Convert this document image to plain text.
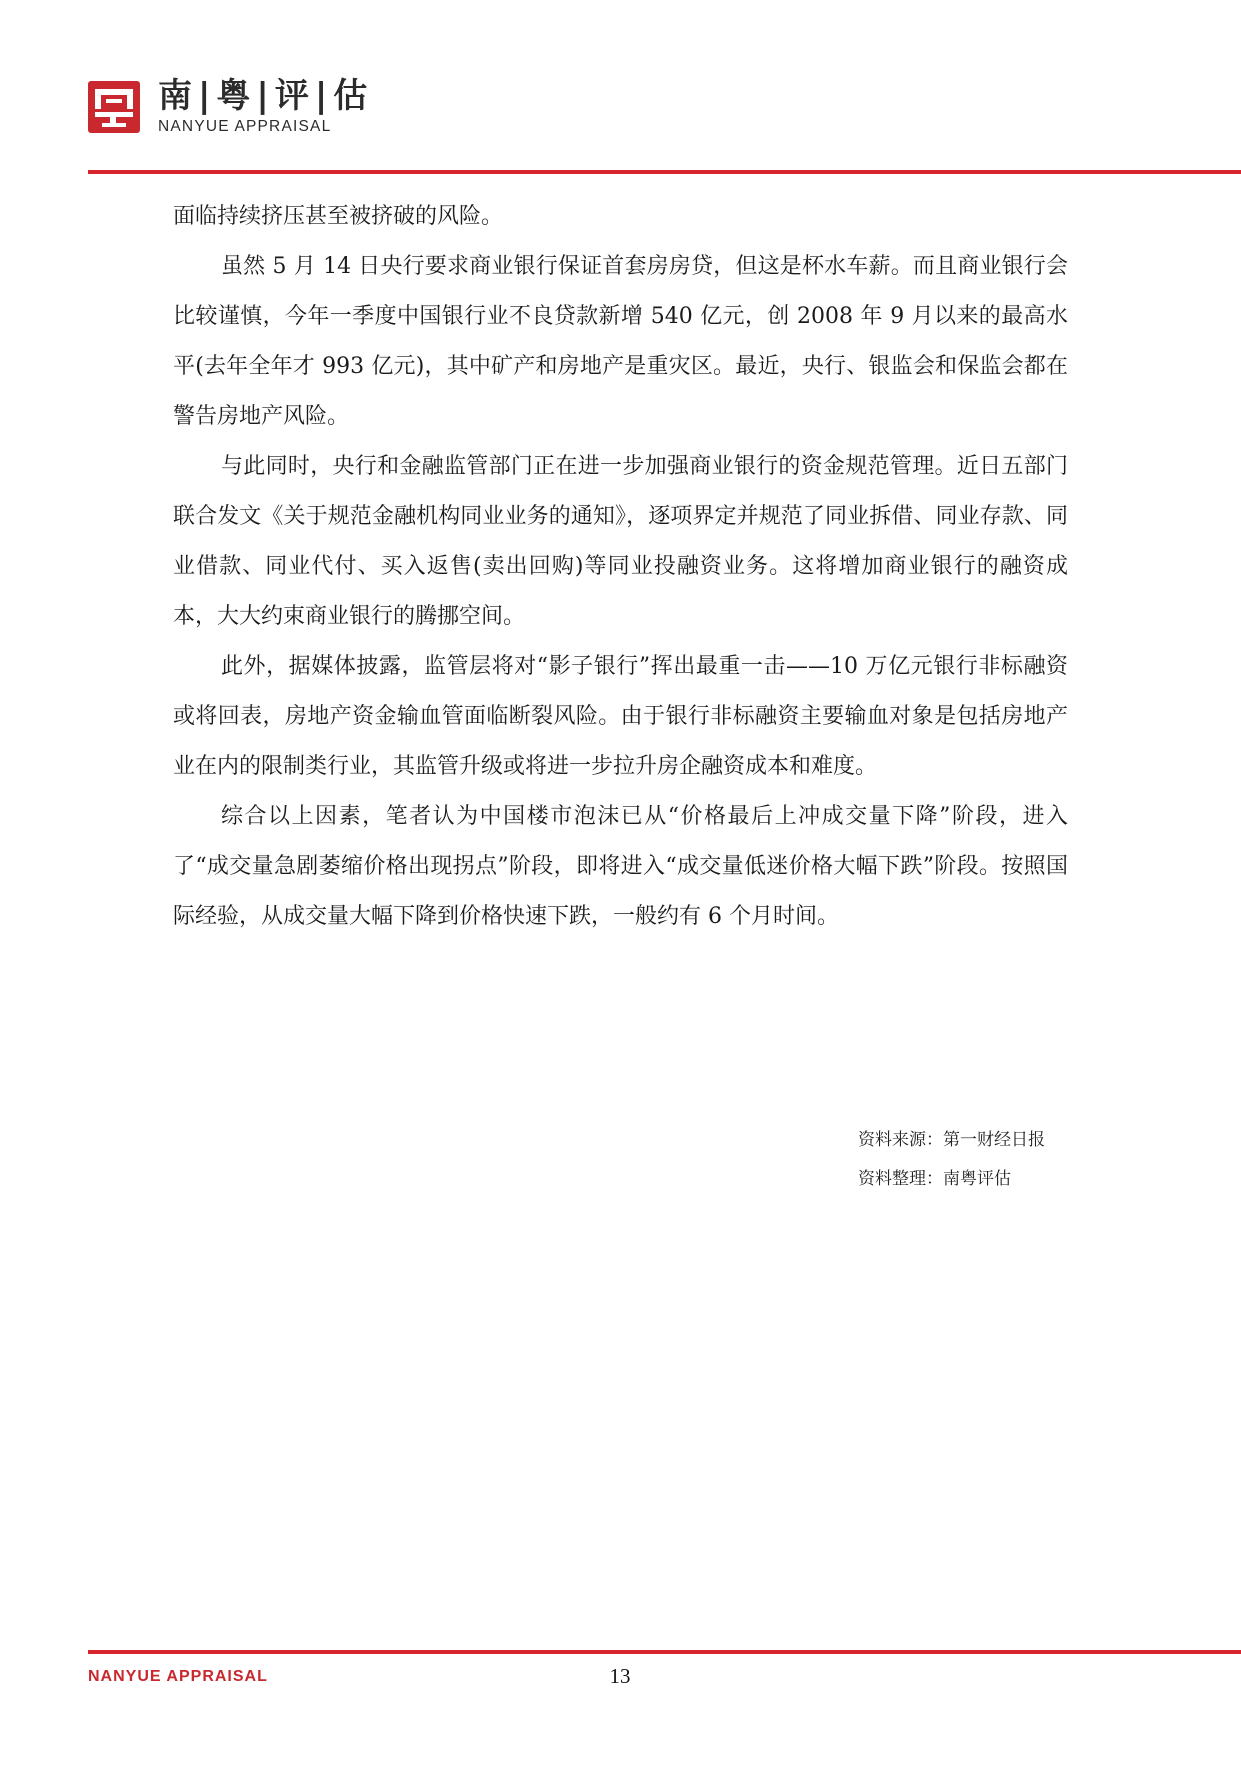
南|粤|评|估
NANYUE APPRAISAL

面临持续挤压甚至被挤破的风险。

虽然 5 月 14 日央行要求商业银行保证首套房房贷，但这是杯水车薪。而且商业银行会比较谨慎，今年一季度中国银行业不良贷款新增 540 亿元，创 2008 年 9 月以来的最高水平(去年全年才 993 亿元)，其中矿产和房地产是重灾区。最近，央行、银监会和保监会都在警告房地产风险。

与此同时，央行和金融监管部门正在进一步加强商业银行的资金规范管理。近日五部门联合发文《关于规范金融机构同业业务的通知》，逐项界定并规范了同业拆借、同业存款、同业借款、同业代付、买入返售(卖出回购)等同业投融资业务。这将增加商业银行的融资成本，大大约束商业银行的腾挪空间。

此外，据媒体披露，监管层将对“影子银行”挥出最重一击——10 万亿元银行非标融资或将回表，房地产资金输血管面临断裂风险。由于银行非标融资主要输血对象是包括房地产业在内的限制类行业，其监管升级或将进一步拉升房企融资成本和难度。

综合以上因素，笔者认为中国楼市泡沫已从“价格最后上冲成交量下降”阶段，进入了“成交量急剧萎缩价格出现拐点”阶段，即将进入“成交量低迷价格大幅下跌”阶段。按照国际经验，从成交量大幅下降到价格快速下跌，一般约有 6 个月时间。

资料来源：第一财经日报
资料整理：南粤评估
NANYUE APPRAISAL	13
